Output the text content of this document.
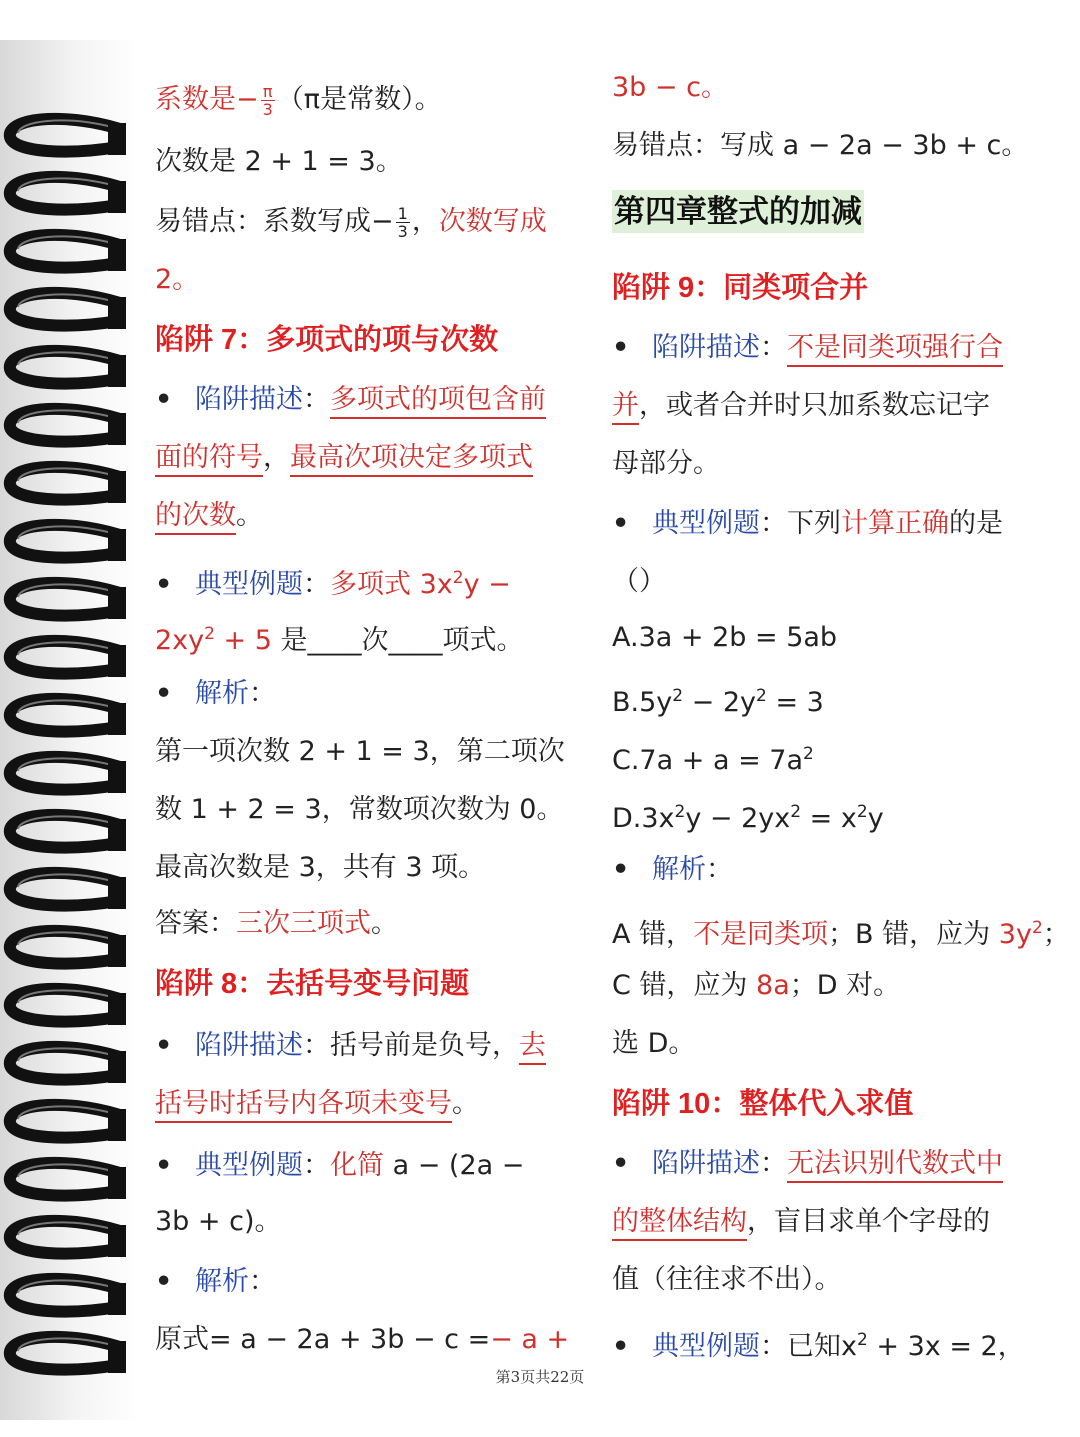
系数是− $\frac{\pi}{3} (\pi$是常数）。
次数是 2 + 1 = 3。
易错点：系数写成− $\frac{1}{3}$ ，次数写成
2。
陷阱 7：多项式的项与次数
• 陷阱描述：多项式的项包含前
面的符号，最高次项决定多项式
的次数。
• 典型例题：多项式 $3x^2y$ −
$2xy^2 + 5$ 是____次____项式。
• 解析：
第一项次数 2 + 1 = 3，第二项次
数 1 + 2 = 3，常数项次数为 0。
最高次数是 3，共有 3 项。
答案：三次三项式。
陷阱 8：去括号变号问题
• 陷阱描述：括号前是负号，去
括号时括号内各项未变号。
• 典型例题：化简 a − (2a −
3b + c)。
• 解析：
原式= a − 2a + 3b − c =− a +
3b − c。
易错点：写成 a − 2a − 3b + c。
第四章整式的加减
陷阱 9：同类项合并
• 陷阱描述：不是同类项强行合
并，或者合并时只加系数忘记字
母部分。
• 典型例题：下列计算正确的是
（）
A.3a + 2b = 5ab
$B.5y^2 - 2y^2 = 3$
$C.7a + a = 7a^2$
$D.3x^2y - 2yx^2 = x^2y$
• 解析：
A 错，不是同类项；B 错，应为 $3y^2$；
C 错，应为 8a；D 对。
选 D。
陷阱 10：整体代入求值
• 陷阱描述：无法识别代数式中
的整体结构，盲目求单个字母的
值（往往求不出）。
• 典型例题：已知$x^2 + 3x = 2$，
第3页共22页
